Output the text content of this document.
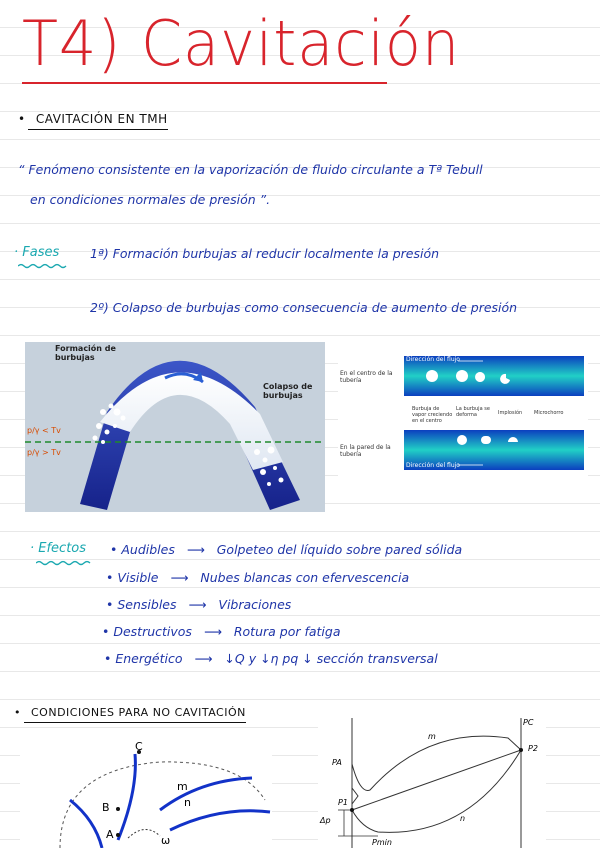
T4) Cavitación
• CAVITACIÓN EN TMH
“ Fenómeno consistente en la vaporización de fluido circulante a Tª Tebull
en condiciones normales de presión ”.
· Fases 1ª) Formación burbujas al reducir localmente la presión
2º) Colapso de burbujas como consecuencia de aumento de presión
Formación de burbujas
Colapso de burbujas
p/γ < Tv
p/γ > Tv
Dirección del flujo
Dirección del flujo
En el centro de la tubería
En la pared de la tubería
Burbuja de vapor creciendo en el centro
La burbuja se deforma	Implosión Microchorro
· Efectos • Audibles ⟶ Golpeteo del líquido sobre pared sólida
• Visible ⟶ Nubes blancas con efervescencia
• Sensibles ⟶ Vibraciones
• Destructivos ⟶ Rotura por fatiga
• Energético ⟶ ↓Q y ↓η pq ↓ sección transversal
• CONDICIONES PARA NO CAVITACIÓN
C
B
A
m
n
ω
PC
P2
PA
P1
Δp
Pmin
m
n
